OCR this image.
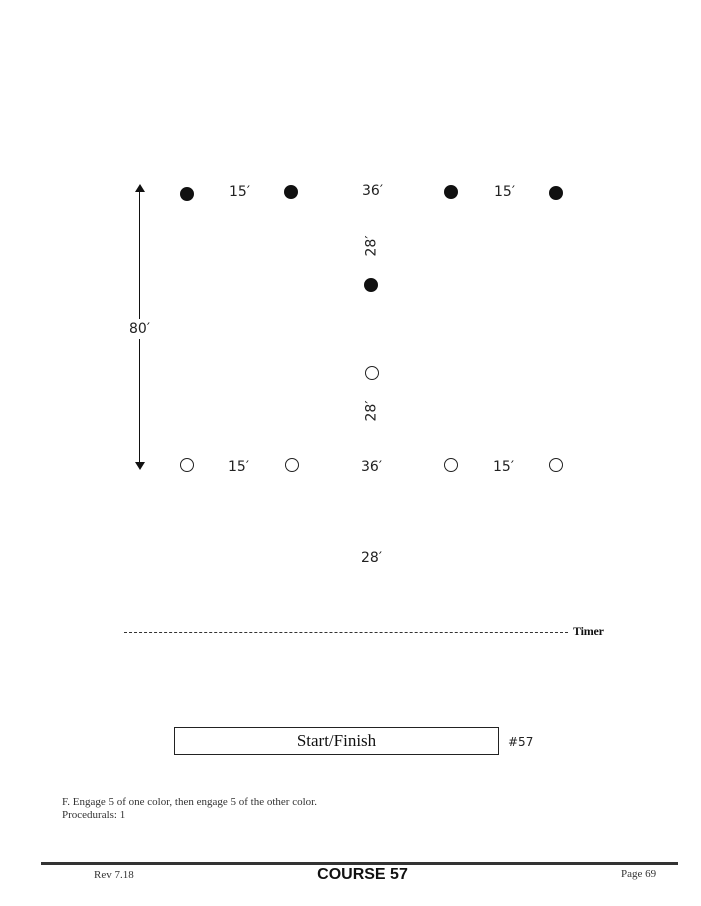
80′
15′	36′	15′
28′
28′
15′	36′	15′
28′
Timer
Start/Finish	#57
F. Engage 5 of one color, then engage 5 of the other color.
Procedurals: 1
Rev 7.18	COURSE 57	Page 69
